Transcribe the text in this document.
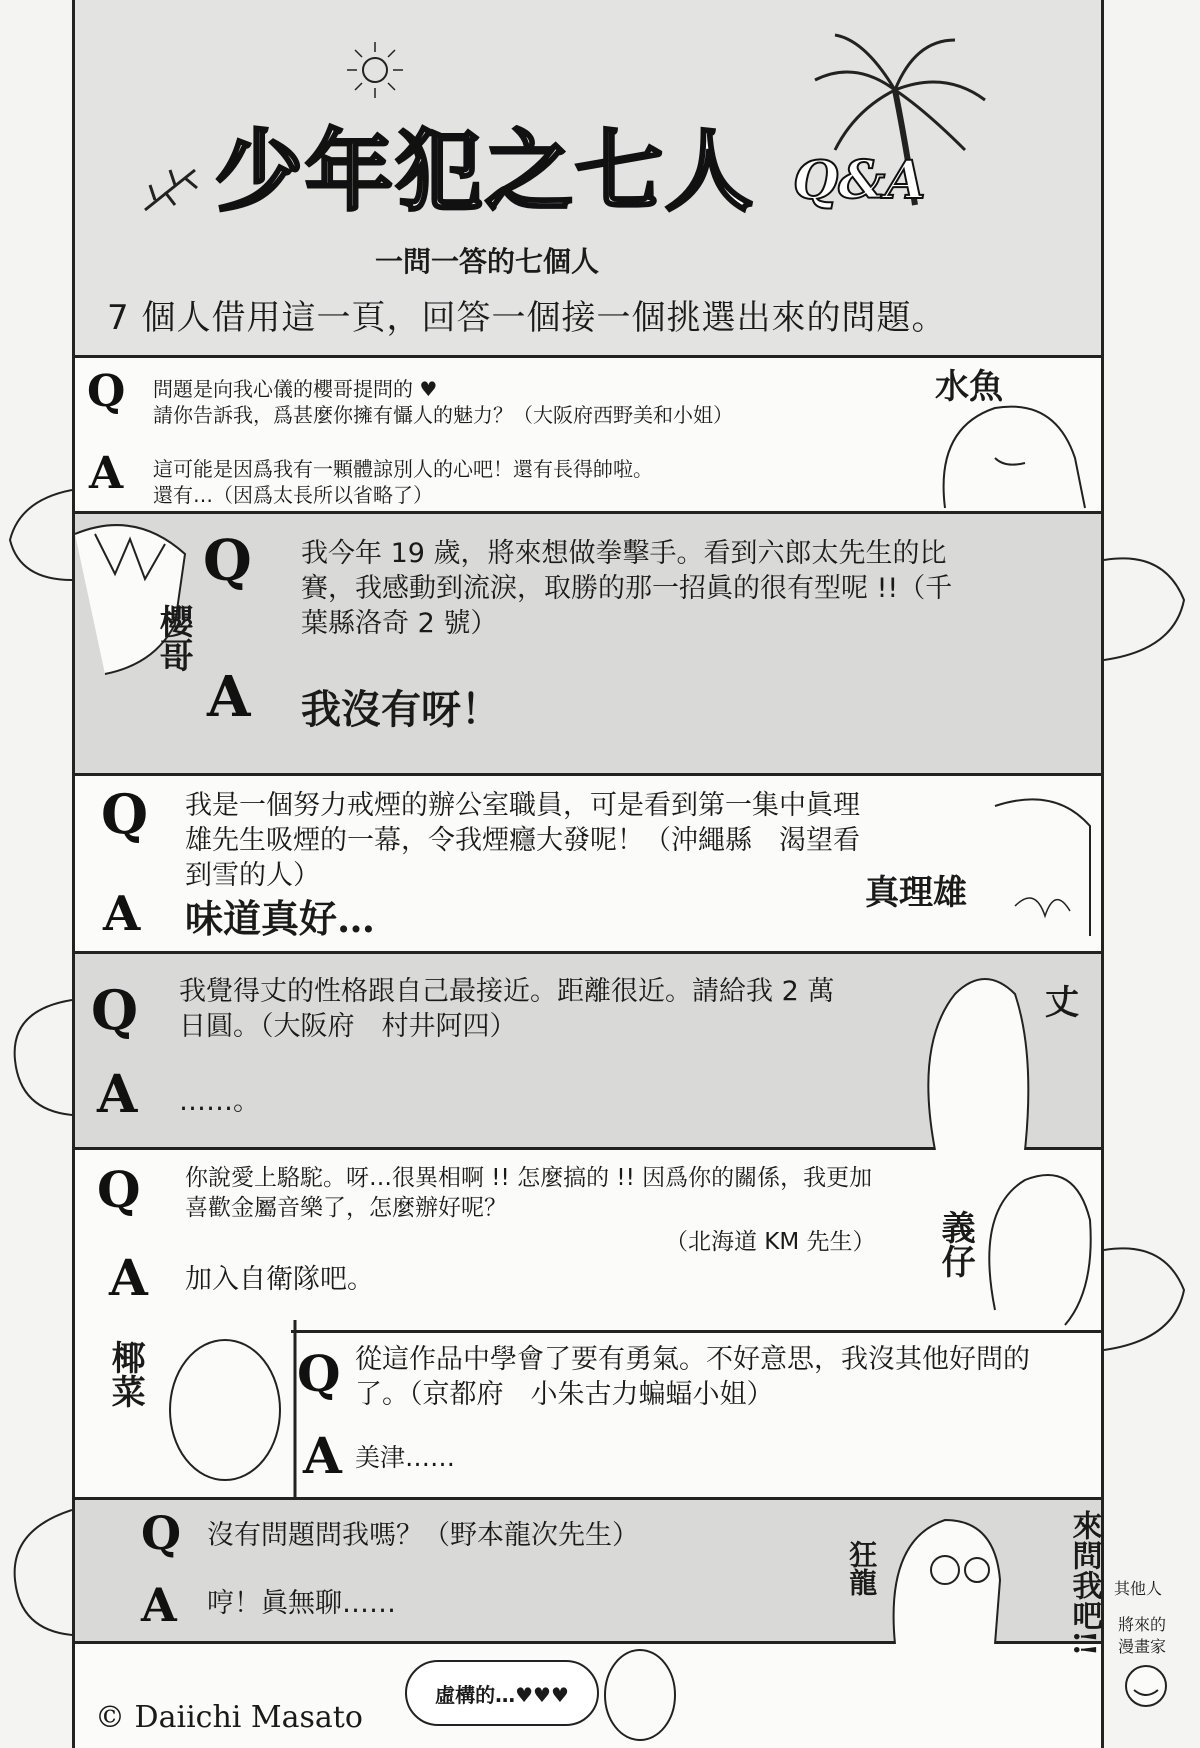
少年犯之七人 Q&A
一問一答的七個人
7 個人借用這一頁，回答一個接一個挑選出來的問題。
Q 問題是向我心儀的櫻哥提問的 ♥
請你告訴我，爲甚麼你擁有懾人的魅力？（大阪府西野美和小姐）
A 這可能是因爲我有一顆體諒別人的心吧！還有長得帥啦。
還有…（因爲太長所以省略了）
水魚
櫻哥
Q 我今年 19 歲，將來想做拳擊手。看到六郎太先生的比賽，我感動到流淚，取勝的那一招眞的很有型呢 !!（千葉縣洛奇 2 號）
A 我沒有呀！
Q 我是一個努力戒煙的辦公室職員，可是看到第一集中眞理雄先生吸煙的一幕，令我煙癮大發呢！（沖繩縣　渴望看到雪的人）
A 味道真好…
真理雄
Q 我覺得丈的性格跟自己最接近。距離很近。請給我 2 萬日圓。（大阪府　村井阿四）
A ……。
丈
Q 你說愛上駱駝。呀…很異相啊 !! 怎麼搞的 !! 因爲你的關係，我更加喜歡金屬音樂了，怎麼辦好呢？
（北海道 KM 先生）
A 加入自衛隊吧。
義仔
椰菜	Q 從這作品中學會了要有勇氣。不好意思，我沒其他好問的了。（京都府　小朱古力蝙蝠小姐）
A 美津……
Q 沒有問題問我嗎？（野本龍次先生）
A 哼！眞無聊……
狂龍
虛構的…♥♥♥
© Daiichi Masato
來問我吧!! 其他人
將來的漫畫家
